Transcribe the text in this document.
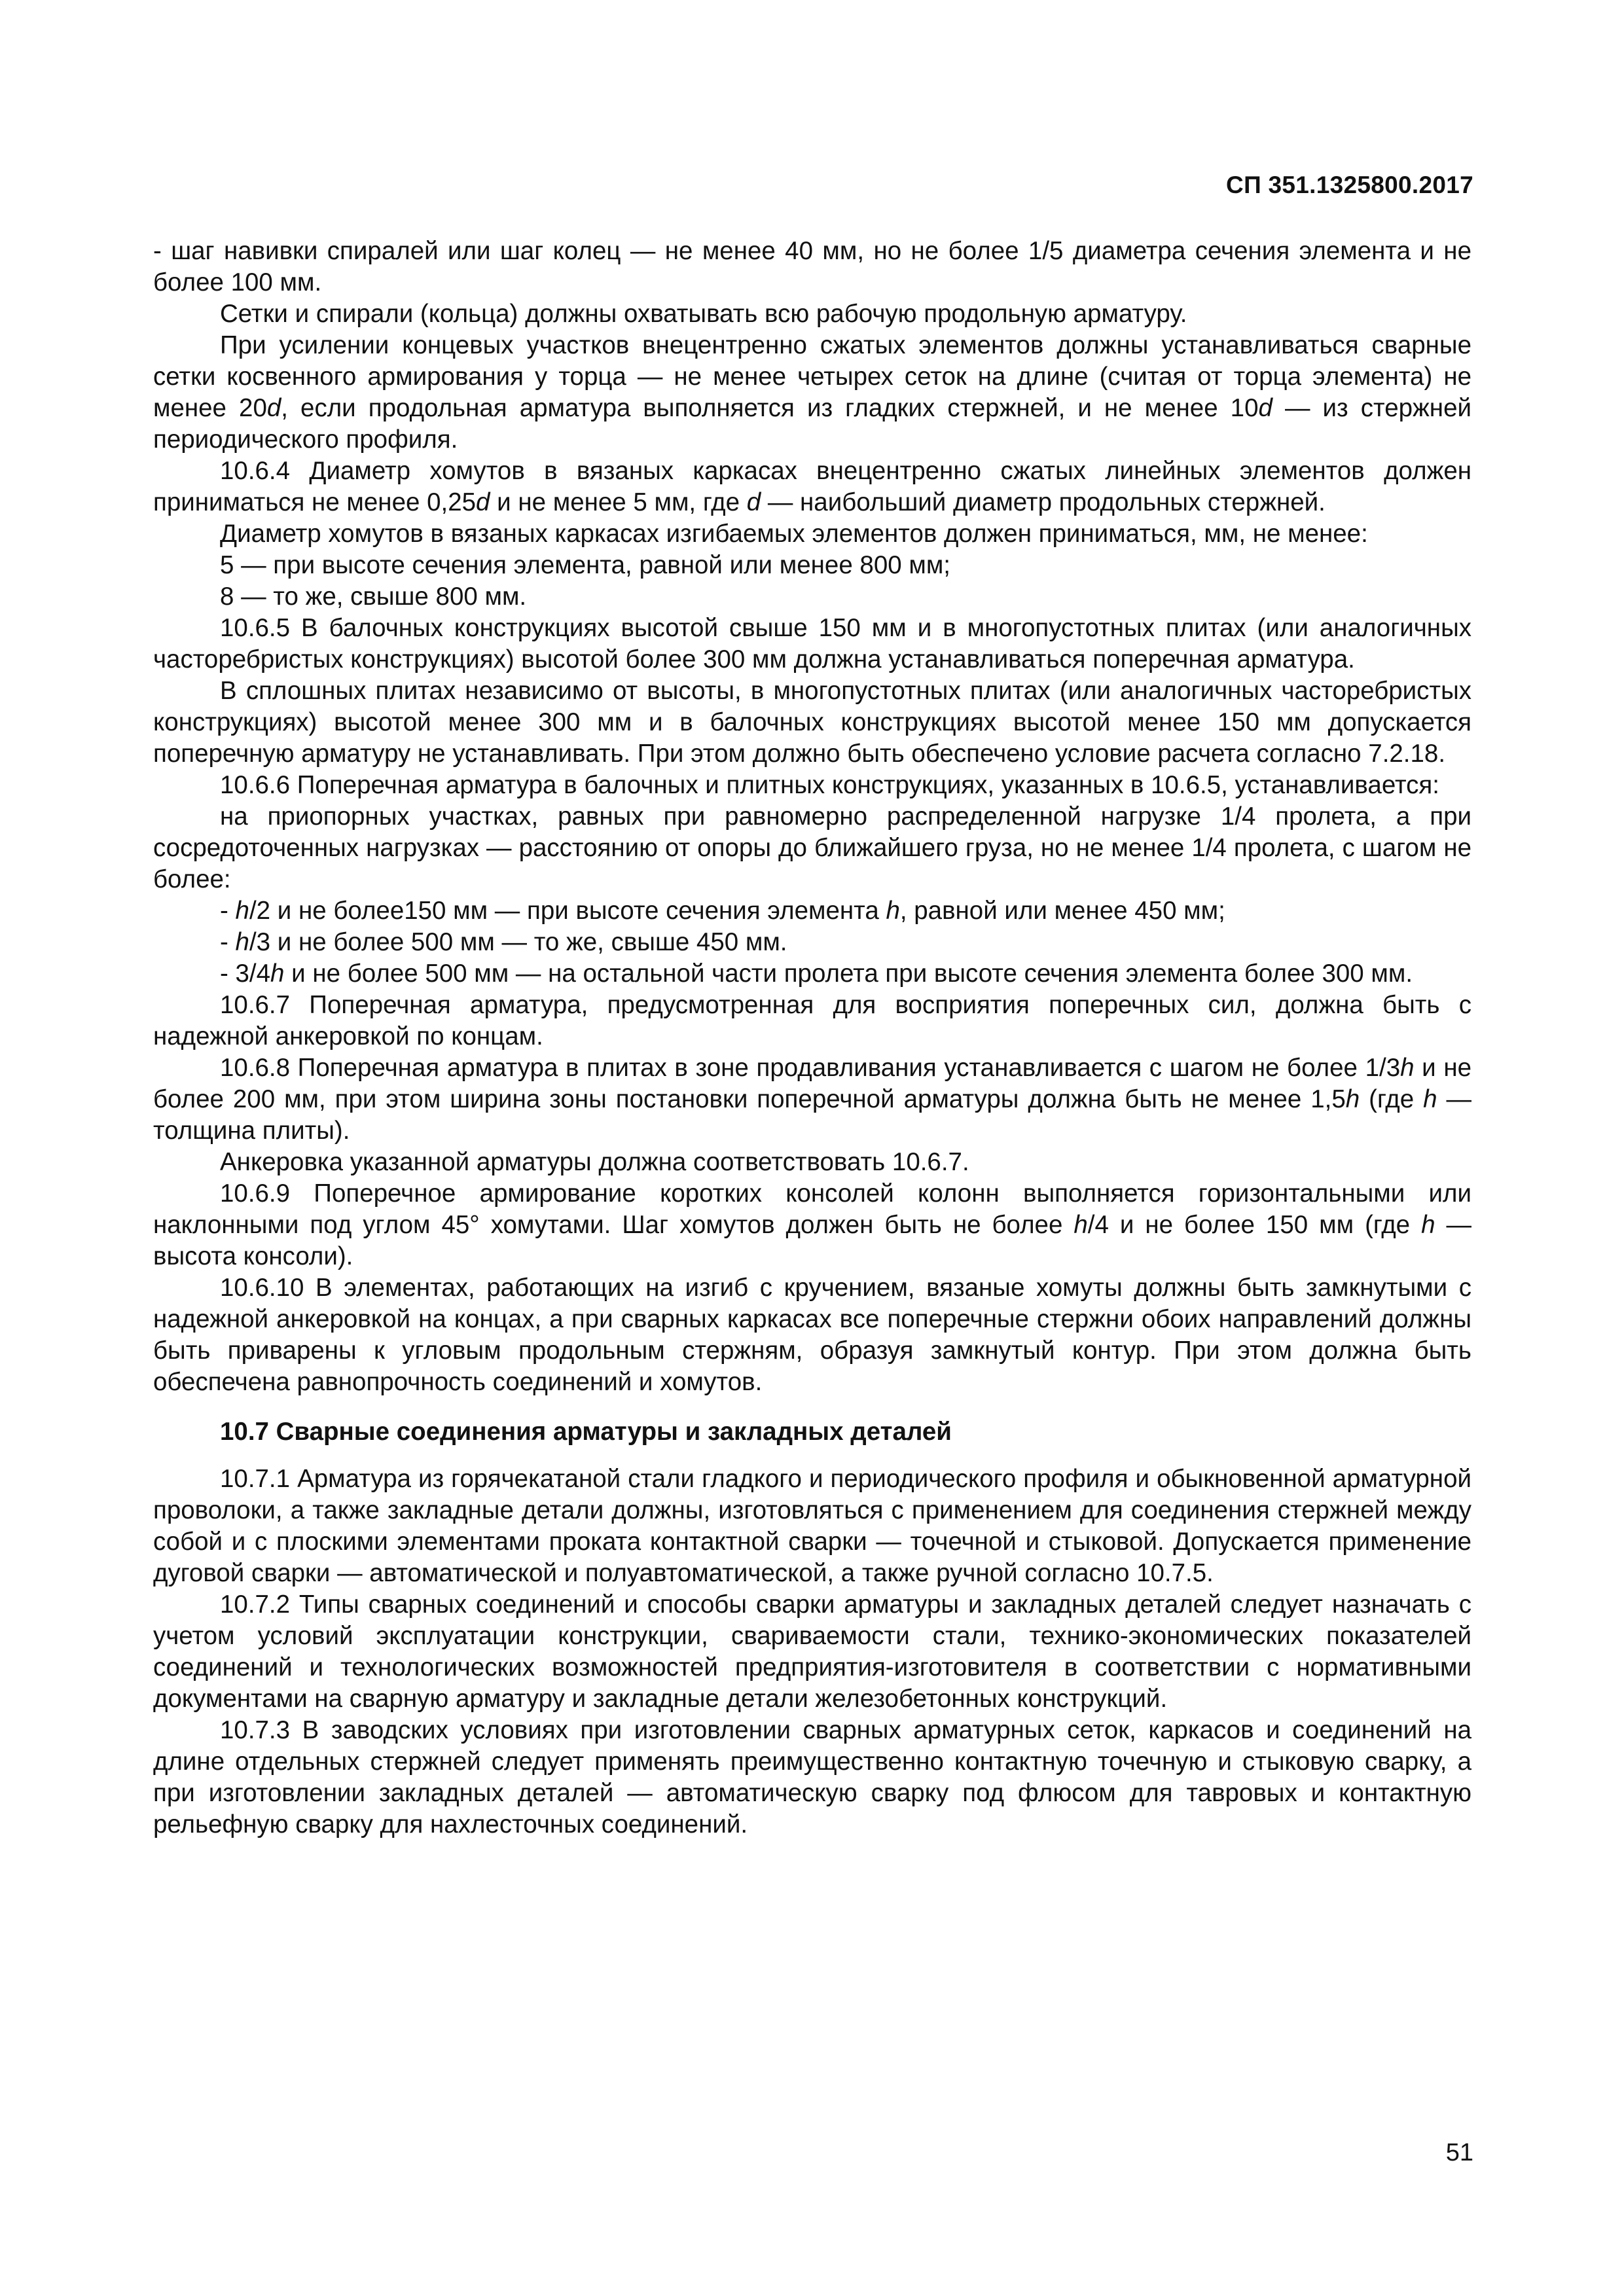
СП 351.1325800.2017

- шаг навивки спиралей или шаг колец — не менее 40 мм, но не более 1/5 диаметра сечения элемента и не более 100 мм.

Сетки и спирали (кольца) должны охватывать всю рабочую продольную арматуру.

При усилении концевых участков внецентренно сжатых элементов должны устанавливаться сварные сетки косвенного армирования у торца — не менее четырех сеток на длине (считая от торца элемента) не менее 20d, если продольная арматура выполняется из гладких стержней, и не менее 10d — из стержней периодического профиля.

10.6.4 Диаметр хомутов в вязаных каркасах внецентренно сжатых линейных элементов должен приниматься не менее 0,25d и не менее 5 мм, где d — наибольший диаметр продольных стержней.

Диаметр хомутов в вязаных каркасах изгибаемых элементов должен приниматься, мм, не менее:

5 — при высоте сечения элемента, равной или менее 800 мм;

8 — то же, свыше 800 мм.

10.6.5 В балочных конструкциях высотой свыше 150 мм и в многопустотных плитах (или аналогичных часторебристых конструкциях) высотой более 300 мм должна устанавливаться поперечная арматура.

В сплошных плитах независимо от высоты, в многопустотных плитах (или аналогичных часторебристых конструкциях) высотой менее 300 мм и в балочных конструкциях высотой менее 150 мм допускается поперечную арматуру не устанавливать. При этом должно быть обеспечено условие расчета согласно 7.2.18.

10.6.6 Поперечная арматура в балочных и плитных конструкциях, указанных в 10.6.5, устанавливается:

на приопорных участках, равных при равномерно распределенной нагрузке 1/4 пролета, а при сосредоточенных нагрузках — расстоянию от опоры до ближайшего груза, но не менее 1/4 пролета, с шагом не более:

- h/2 и не более150 мм — при высоте сечения элемента h, равной или менее 450 мм;

- h/3 и не более 500 мм — то же, свыше 450 мм.

- 3/4h и не более 500 мм — на остальной части пролета при высоте сечения элемента более 300 мм.

10.6.7 Поперечная арматура, предусмотренная для восприятия поперечных сил, должна быть с надежной анкеровкой по концам.

10.6.8 Поперечная арматура в плитах в зоне продавливания устанавливается с шагом не более 1/3h и не более 200 мм, при этом ширина зоны постановки поперечной арматуры должна быть не менее 1,5h (где h — толщина плиты).

Анкеровка указанной арматуры должна соответствовать 10.6.7.

10.6.9 Поперечное армирование коротких консолей колонн выполняется горизонтальными или наклонными под углом 45° хомутами. Шаг хомутов должен быть не более h/4 и не более 150 мм (где h — высота консоли).

10.6.10 В элементах, работающих на изгиб с кручением, вязаные хомуты должны быть замкнутыми с надежной анкеровкой на концах, а при сварных каркасах все поперечные стержни обоих направлений должны быть приварены к угловым продольным стержням, образуя замкнутый контур. При этом должна быть обеспечена равнопрочность соединений и хомутов.

10.7 Сварные соединения арматуры и закладных деталей

10.7.1 Арматура из горячекатаной стали гладкого и периодического профиля и обыкновенной арматурной проволоки, а также закладные детали должны, изготовляться с применением для соединения стержней между собой и с плоскими элементами проката контактной сварки — точечной и стыковой. Допускается применение дуговой сварки — автоматической и полуавтоматической, а также ручной согласно 10.7.5.

10.7.2 Типы сварных соединений и способы сварки арматуры и закладных деталей следует назначать с учетом условий эксплуатации конструкции, свариваемости стали, технико-экономических показателей соединений и технологических возможностей предприятия-изготовителя в соответствии с нормативными документами на сварную арматуру и закладные детали железобетонных конструкций.

10.7.3 В заводских условиях при изготовлении сварных арматурных сеток, каркасов и соединений на длине отдельных стержней следует применять преимущественно контактную точечную и стыковую сварку, а при изготовлении закладных деталей — автоматическую сварку под флюсом для тавровых и контактную рельефную сварку для нахлесточных соединений.

51
